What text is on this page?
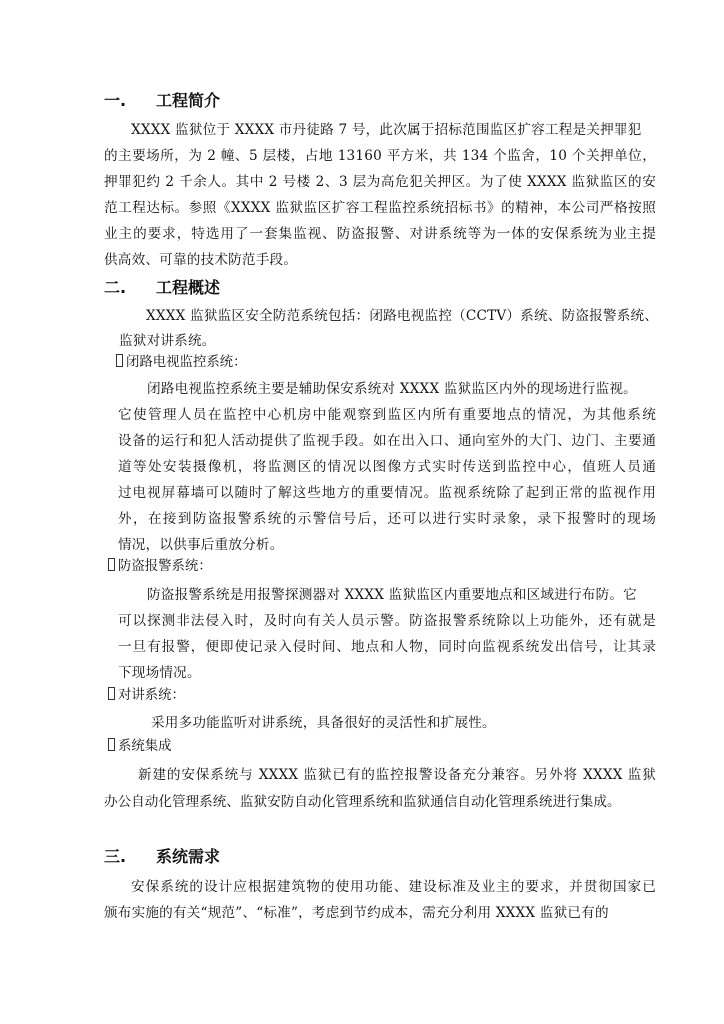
一. 工程简介
XXXX 监狱位于 XXXX 市丹徒路 7 号，此次属于招标范围监区扩容工程是关押罪犯
的主要场所，为 2 幢、5 层楼，占地 13160 平方米，共 134 个监舍，10 个关押单位，
押罪犯约 2 千余人。其中 2 号楼 2、3 层为高危犯关押区。为了使 XXXX 监狱监区的安
范工程达标。参照《XXXX 监狱监区扩容工程监控系统招标书》的精神，本公司严格按照
业主的要求，特选用了一套集监视、防盗报警、对讲系统等为一体的安保系统为业主提
供高效、可靠的技术防范手段。
二. 工程概述
XXXX 监狱监区安全防范系统包括：闭路电视监控（CCTV）系统、防盗报警系统、
监狱对讲系统。
闭路电视监控系统：
闭路电视监控系统主要是辅助保安系统对 XXXX 监狱监区内外的现场进行监视。
它使管理人员在监控中心机房中能观察到监区内所有重要地点的情况，为其他系统
设备的运行和犯人活动提供了监视手段。如在出入口、通向室外的大门、边门、主要通
道等处安装摄像机，将监测区的情况以图像方式实时传送到监控中心，值班人员通
过电视屏幕墙可以随时了解这些地方的重要情况。监视系统除了起到正常的监视作用
外，在接到防盗报警系统的示警信号后，还可以进行实时录象，录下报警时的现场
情况，以供事后重放分析。
防盗报警系统：
防盗报警系统是用报警探测器对 XXXX 监狱监区内重要地点和区域进行布防。它
可以探测非法侵入时，及时向有关人员示警。防盗报警系统除以上功能外，还有就是
一旦有报警，便即使记录入侵时间、地点和人物，同时向监视系统发出信号，让其录
下现场情况。
对讲系统：
采用多功能监听对讲系统，具备很好的灵活性和扩展性。
系统集成
新建的安保系统与 XXXX 监狱已有的监控报警设备充分兼容。另外将 XXXX 监狱
办公自动化管理系统、监狱安防自动化管理系统和监狱通信自动化管理系统进行集成。
三. 系统需求
安保系统的设计应根据建筑物的使用功能、建设标准及业主的要求，并贯彻国家已
颁布实施的有关“规范”、“标准”，考虑到节约成本，需充分利用 XXXX 监狱已有的
